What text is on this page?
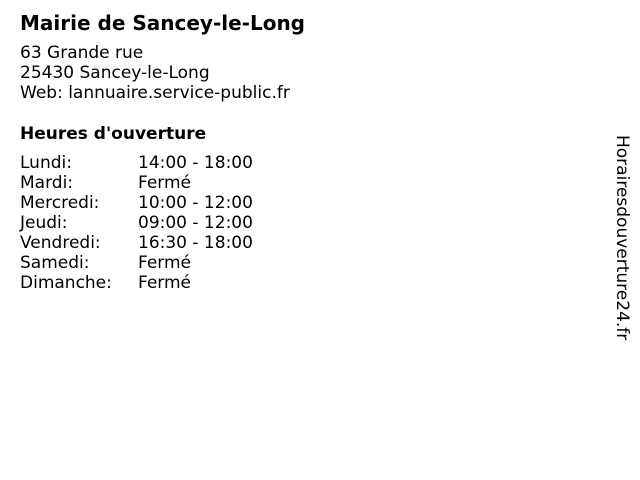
Mairie de Sancey-le-Long
63 Grande rue
25430 Sancey-le-Long
Web: lannuaire.service-public.fr
Heures d'ouverture
Lundi:	14:00 - 18:00
Mardi:	Fermé
Mercredi:	10:00 - 12:00
Jeudi:	09:00 - 12:00
Vendredi:	16:30 - 18:00
Samedi:	Fermé
Dimanche:	Fermé	Horairesdouverture24.fr
